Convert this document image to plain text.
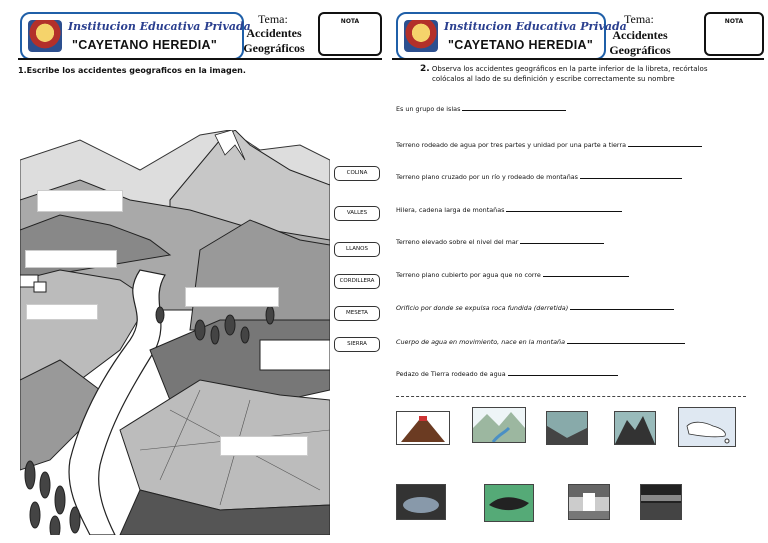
Institucion Educativa Privada
"CAYETANO HEREDIA"
Tema:
Accidentes
Geográficos
NOTA
1.Escribe los accidentes geograficos en la imagen.
COLINA
VALLES
LLANOS
CORDILLERA
MESETA
SIERRA
Institucion Educativa Privada
"CAYETANO HEREDIA"
Tema:
Accidentes
Geográficos
NOTA
2. Observa los accidentes geográficos en la parte inferior de la libreta, recórtalos
colócalos al lado de su definición y escribe correctamente su nombre
Es un grupo de islas
Terreno rodeado de agua por tres partes y unidad por una parte a tierra
Terreno plano cruzado por un río y rodeado de montañas
Hilera, cadena larga de montañas
Terreno elevado sobre el nivel del mar
Terreno plano cubierto por agua que no corre
Orificio por donde se expulsa roca fundida (derretida)
Cuerpo de agua en movimiento, nace en la montaña
Pedazo de Tierra rodeado de agua
